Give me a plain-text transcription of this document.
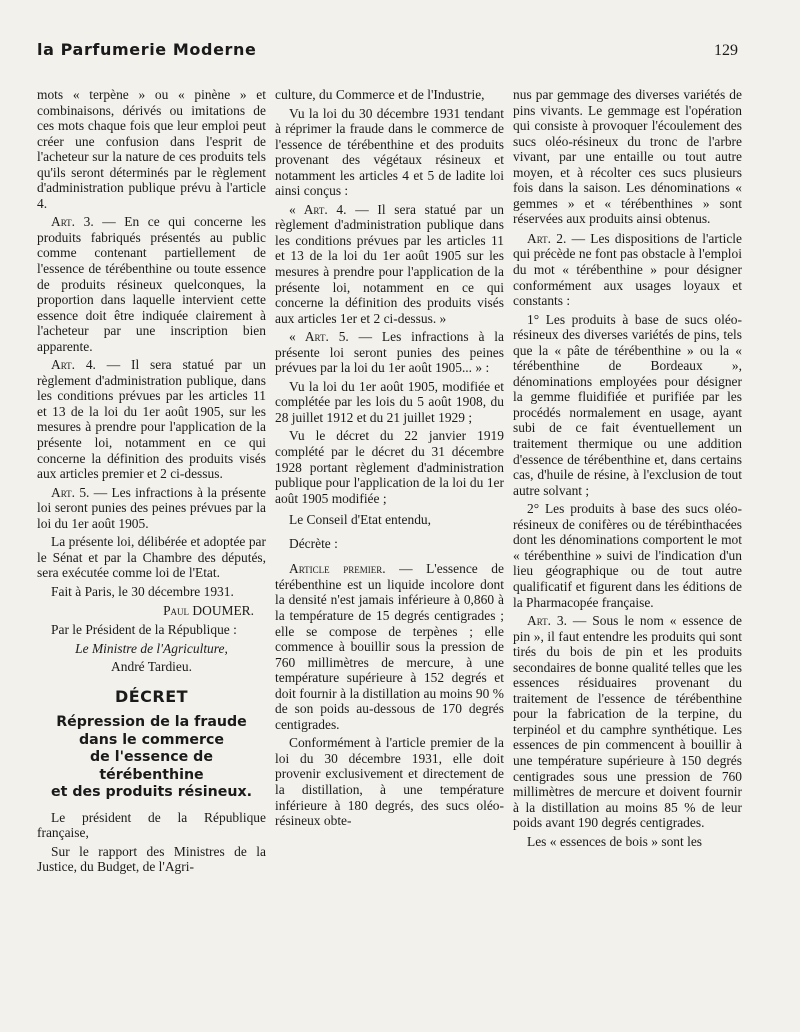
la Parfumerie Moderne	129

mots « terpène » ou « pinène » et combinaisons, dérivés ou imitations de ces mots chaque fois que leur emploi peut créer une confusion dans l'esprit de l'acheteur sur la nature de ces produits tels qu'ils seront déterminés par le règlement d'administration publique prévu à l'article 4.

Art. 3. — En ce qui concerne les produits fabriqués présentés au public comme contenant partiellement de l'essence de térébenthine ou toute essence de produits résineux quelconques, la proportion dans laquelle intervient cette essence doit être indiquée clairement à l'acheteur par une inscription bien apparente.

Art. 4. — Il sera statué par un règlement d'administration publique, dans les conditions prévues par les articles 11 et 13 de la loi du 1er août 1905, sur les mesures à prendre pour l'application de la présente loi, notamment en ce qui concerne la définition des produits visés aux articles premier et 2 ci-dessus.

Art. 5. — Les infractions à la présente loi seront punies des peines prévues par la loi du 1er août 1905.

La présente loi, délibérée et adoptée par le Sénat et par la Chambre des députés, sera exécutée comme loi de l'Etat.

Fait à Paris, le 30 décembre 1931.

Paul DOUMER.

Par le Président de la République :

Le Ministre de l'Agriculture,

André Tardieu.

DÉCRET
Répression de la fraude
dans le commerce
de l'essence de térébenthine
et des produits résineux.

Le président de la République française,

Sur le rapport des Ministres de la Justice, du Budget, de l'Agri-

culture, du Commerce et de l'Industrie,

Vu la loi du 30 décembre 1931 tendant à réprimer la fraude dans le commerce de l'essence de térébenthine et des produits provenant des végétaux résineux et notamment les articles 4 et 5 de ladite loi ainsi conçus :

« Art. 4. — Il sera statué par un règlement d'administration publique dans les conditions prévues par les articles 11 et 13 de la loi du 1er août 1905 sur les mesures à prendre pour l'application de la présente loi, notamment en ce qui concerne la définition des produits visés aux articles 1er et 2 ci-dessus. »

« Art. 5. — Les infractions à la présente loi seront punies des peines prévues par la loi du 1er août 1905... » :

Vu la loi du 1er août 1905, modifiée et complétée par les lois du 5 août 1908, du 28 juillet 1912 et du 21 juillet 1929 ;

Vu le décret du 22 janvier 1919 complété par le décret du 31 décembre 1928 portant règlement d'administration publique pour l'application de la loi du 1er août 1905 modifiée ;

Le Conseil d'Etat entendu,

Décrète :

Article premier. — L'essence de térébenthine est un liquide incolore dont la densité n'est jamais inférieure à 0,860 à la température de 15 degrés centigrades ; elle se compose de terpènes ; elle commence à bouillir sous la pression de 760 millimètres de mercure, à une température supérieure à 152 degrés et doit fournir à la distillation au moins 90 % de son poids au-dessous de 170 degrés centigrades.

Conformément à l'article premier de la loi du 30 décembre 1931, elle doit provenir exclusivement et directement de la distillation, à une température inférieure à 180 degrés, des sucs oléo-résineux obte-

nus par gemmage des diverses variétés de pins vivants. Le gemmage est l'opération qui consiste à provoquer l'écoulement des sucs oléo-résineux du tronc de l'arbre vivant, par une entaille ou tout autre moyen, et à récolter ces sucs plusieurs fois dans la saison. Les dénominations « gemmes » et « térébenthines » sont réservées aux produits ainsi obtenus.

Art. 2. — Les dispositions de l'article qui précède ne font pas obstacle à l'emploi du mot « térébenthine » pour désigner conformément aux usages loyaux et constants :

1° Les produits à base de sucs oléo-résineux des diverses variétés de pins, tels que la « pâte de térébenthine » ou la « térébenthine de Bordeaux », dénominations employées pour désigner la gemme fluidifiée et purifiée par les procédés normalement en usage, ayant subi de ce fait éventuellement un traitement thermique ou une addition d'essence de térébenthine et, dans certains cas, d'huile de résine, à l'exclusion de tout autre solvant ;

2° Les produits à base des sucs oléo-résineux de conifères ou de térébinthacées dont les dénominations comportent le mot « térébenthine » suivi de l'indication d'un lieu géographique ou de tout autre qualificatif et figurent dans les éditions de la Pharmacopée française.

Art. 3. — Sous le nom « essence de pin », il faut entendre les produits qui sont tirés du bois de pin et les produits secondaires de bonne qualité telles que les essences résiduaires provenant du traitement de l'essence de térébenthine pour la fabrication de la terpine, du terpinéol et du camphre synthétique. Les essences de pin commencent à bouillir à une température supérieure à 150 degrés centigrades sous une pression de 760 millimètres de mercure et doivent fournir à la distillation au moins 85 % de leur poids avant 190 degrés centigrades.

Les « essences de bois » sont les
